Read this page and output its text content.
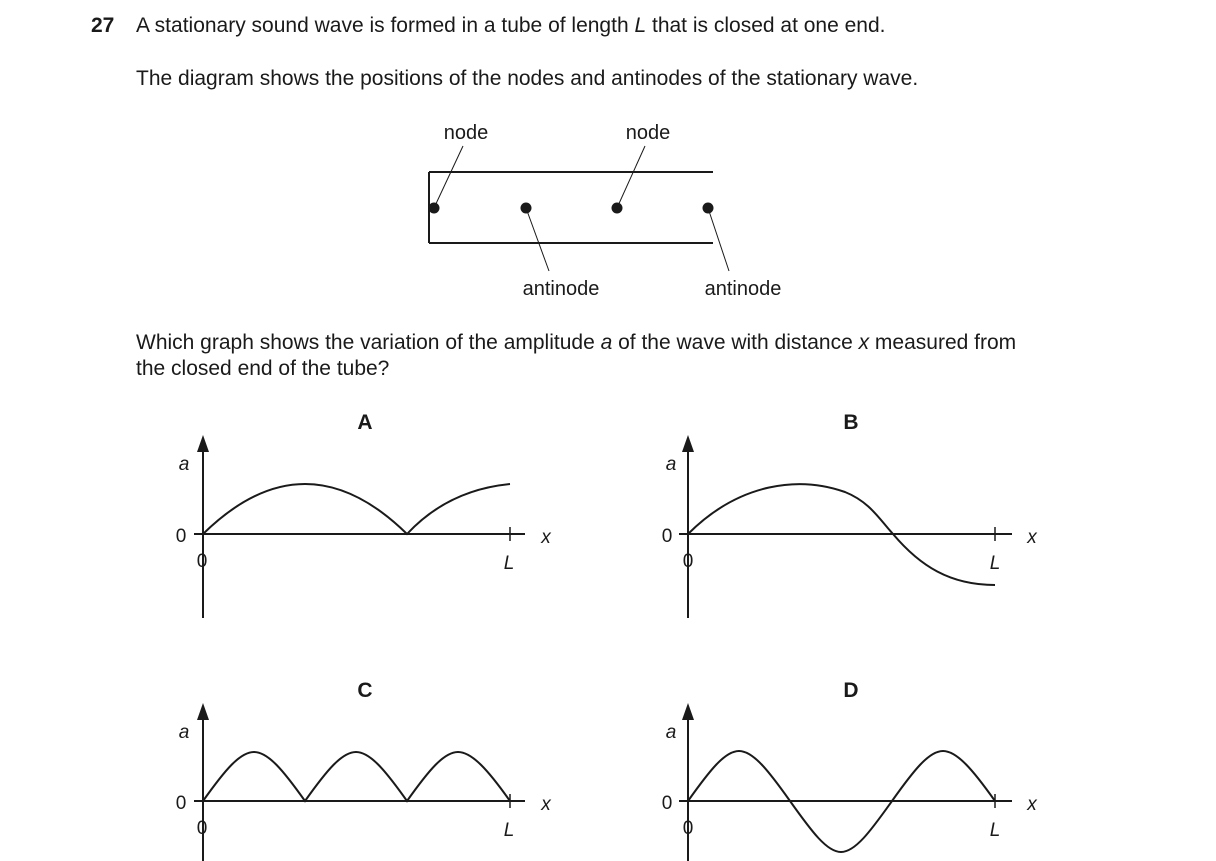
27 A stationary sound wave is formed in a tube of length L that is closed at one end.
The diagram shows the positions of the nodes and antinodes of the stationary wave.
Which graph shows the variation of the amplitude a of the wave with distance x measured from
the closed end of the tube?
node	node
antinode	antinode
A
a
0
0	L
x
B
a
0
0	L
x
C
a
0
0	L
x
D
a
0
0	L
x
